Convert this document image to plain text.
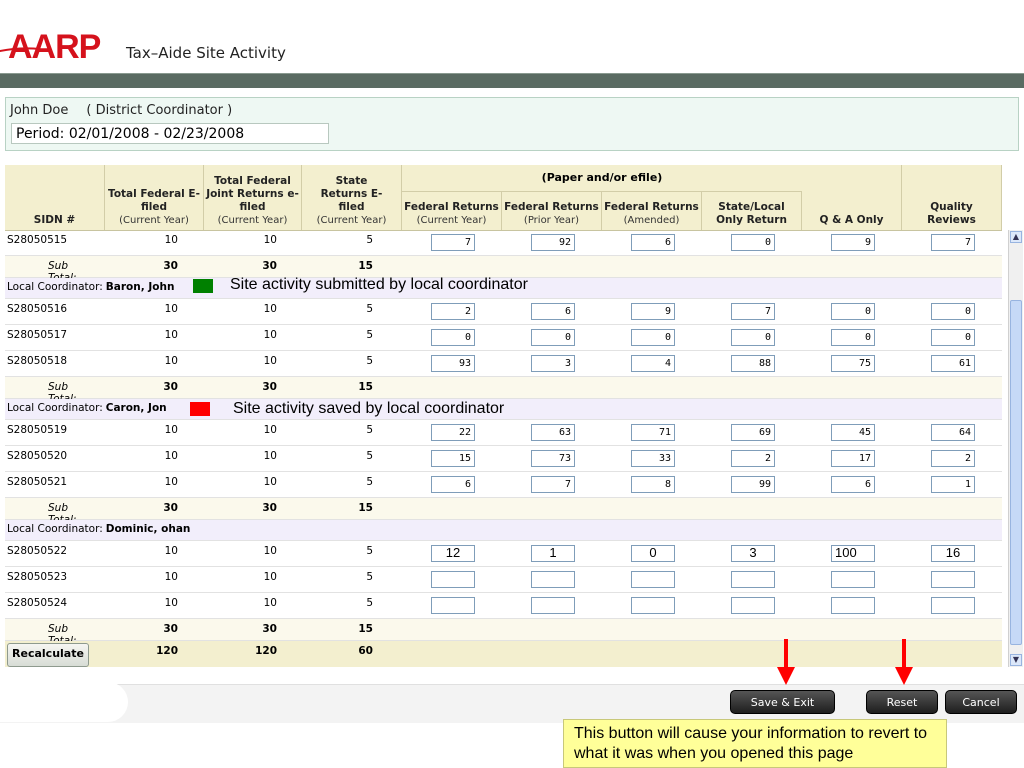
AARP Tax–Aide Site Activity
John Doe ( District Coordinator )
Period: 02/01/2008 - 02/23/2008
SIDN #
Total Federal E-filed
(Current Year)
Total Federal Joint Returns e-filed
(Current Year)
State Returns E-filed
(Current Year)
(Paper and/or efile)
Federal Returns
(Current Year)
Federal Returns
(Prior Year)
Federal Returns
(Amended)
State/Local Only Return	Q & A Only
Quality Reviews
S28050515	10	10	5	7	92	6	0	9	7
Sub	30	30	15
Local Coordinator: Baron, John
S28050516	10	10	5	2	6	9	7	0	0
S28050517	10	10	5	0	0	0	0	0	0
S28050518	10	10	5	93	3	4	88	75	61
Sub	30	30	15
Local Coordinator: Caron, Jon
S28050519	10	10	5	22	63	71	69	45	64
S28050520	10	10	5	15	73	33	2	17	2
S28050521	10	10	5	6	7	8	99	6	1
Sub	30	30	15
Local Coordinator: Dominic, ohan
S28050522	10	10	5	12	1	0	3	100	16
S28050523	10	10	5
S28050524	10	10	5
Sub	30	30	15
120	120	60
▲
▼
Recalculate
Site activity submitted by local coordinator
Site activity saved by local coordinator
Save & Exit	Reset	Cancel
This button will cause your information to revert to what it was when you opened this page
